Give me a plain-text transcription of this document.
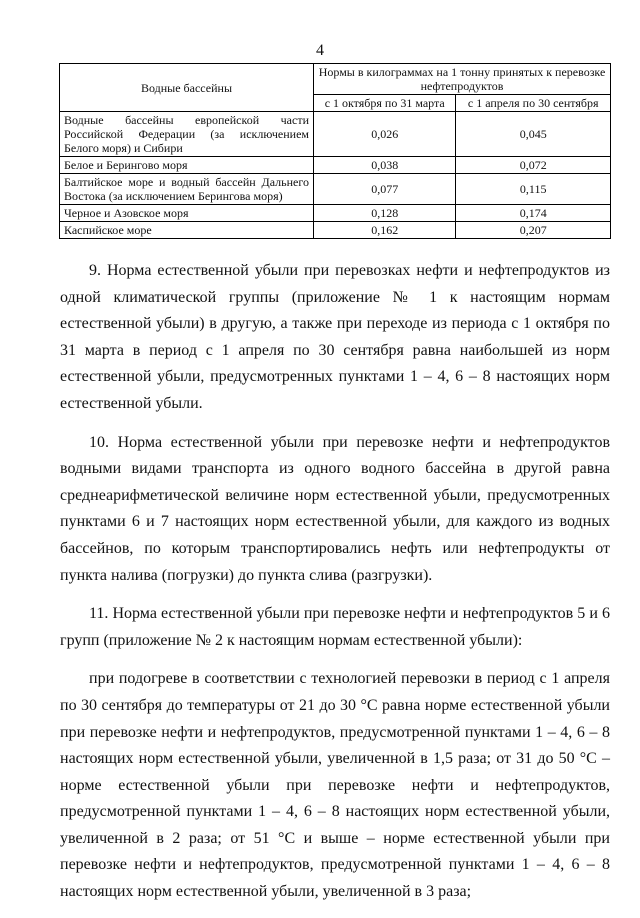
4
Водные бассейны	Нормы в килограммах на 1 тонну принятых к перевозке нефтепродуктов	
	с 1 октября по 31 марта	с 1 апреля по 30 сентября
Водные бассейны европейской части Российской Федерации (за исключением Белого моря) и Сибири	0,026	0,045
Белое и Берингово моря	0,038	0,072
Балтийское море и водный бассейн Дальнего Востока (за исключением Берингова моря)	0,077	0,115
Черное и Азовское моря	0,128	0,174
Каспийское море	0,162	0,207

9. Норма естественной убыли при перевозках нефти и нефтепродуктов из одной климатической группы (приложение № 1 к настоящим нормам естественной убыли) в другую, а также при переходе из периода с 1 октября по 31 марта в период с 1 апреля по 30 сентября равна наибольшей из норм естественной убыли, предусмотренных пунктами 1 – 4, 6 – 8 настоящих норм естественной убыли.

10. Норма естественной убыли при перевозке нефти и нефтепродуктов водными видами транспорта из одного водного бассейна в другой равна среднеарифметической величине норм естественной убыли, предусмотренных пунктами 6 и 7 настоящих норм естественной убыли, для каждого из водных бассейнов, по которым транспортировались нефть или нефтепродукты от пункта налива (погрузки) до пункта слива (разгрузки).

11. Норма естественной убыли при перевозке нефти и нефтепродуктов 5 и 6 групп (приложение № 2 к настоящим нормам естественной убыли):

при подогреве в соответствии с технологией перевозки в период с 1 апреля по 30 сентября до температуры от 21 до 30 °С равна норме естественной убыли при перевозке нефти и нефтепродуктов, предусмотренной пунктами 1 – 4, 6 – 8 настоящих норм естественной убыли, увеличенной в 1,5 раза; от 31 до 50 °С – норме естественной убыли при перевозке нефти и нефтепродуктов, предусмотренной пунктами 1 – 4, 6 – 8 настоящих норм естественной убыли, увеличенной в 2 раза; от 51 °С и выше – норме естественной убыли при перевозке нефти и нефтепродуктов, предусмотренной пунктами 1 – 4, 6 – 8 настоящих норм естественной убыли, увеличенной в 3 раза;
